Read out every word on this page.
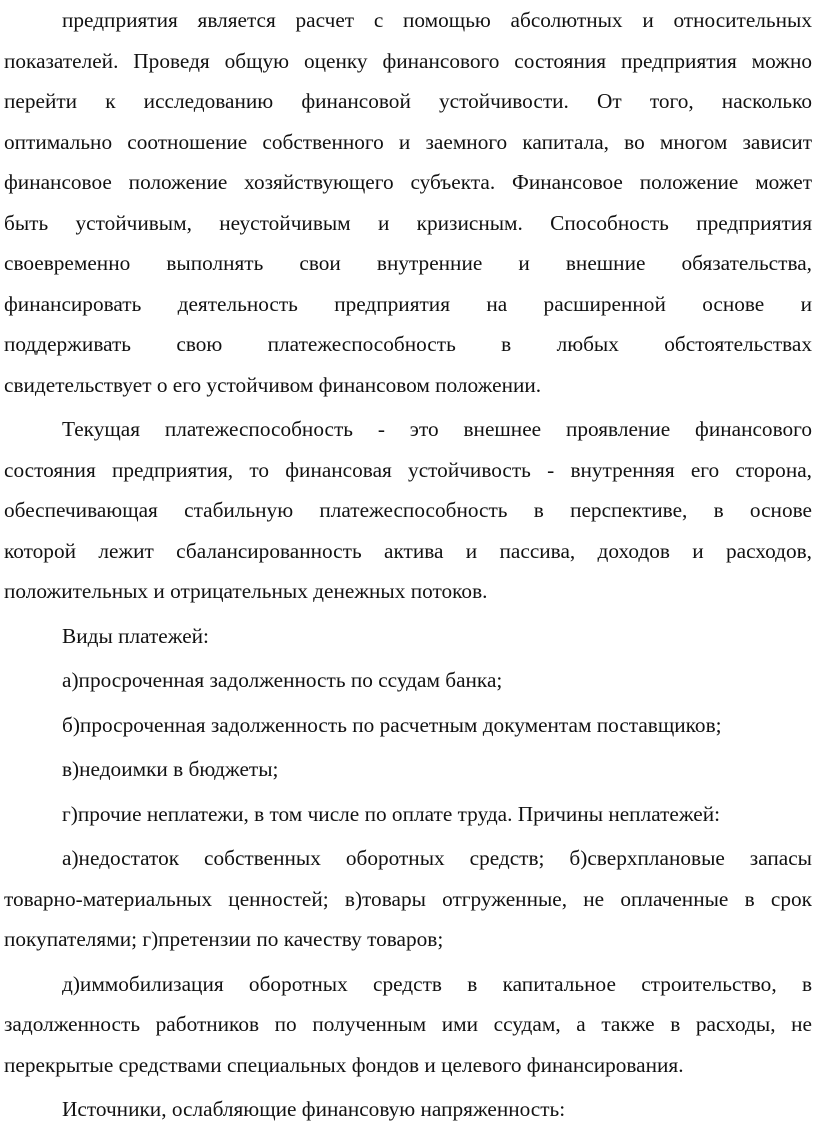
предприятия является расчет с помощью абсолютных и относительных
показателей. Проведя общую оценку финансового состояния предприятия можно
перейти к исследованию финансовой устойчивости. От того, насколько
оптимально соотношение собственного и заемного капитала, во многом зависит
финансовое положение хозяйствующего субъекта. Финансовое положение может
быть устойчивым, неустойчивым и кризисным. Способность предприятия
своевременно выполнять свои внутренние и внешние обязательства,
финансировать деятельность предприятия на расширенной основе и
поддерживать свою платежеспособность в любых обстоятельствах
свидетельствует о его устойчивом финансовом положении.
Текущая платежеспособность - это внешнее проявление финансового
состояния предприятия, то финансовая устойчивость - внутренняя его сторона,
обеспечивающая стабильную платежеспособность в перспективе, в основе
которой лежит сбалансированность актива и пассива, доходов и расходов,
положительных и отрицательных денежных потоков.
Виды платежей:
а)просроченная задолженность по ссудам банка;
б)просроченная задолженность по расчетным документам поставщиков;
в)недоимки в бюджеты;
г)прочие неплатежи, в том числе по оплате труда. Причины неплатежей:
а)недостаток собственных оборотных средств; б)сверхплановые запасы
товарно-материальных ценностей; в)товары отгруженные, не оплаченные в срок
покупателями; г)претензии по качеству товаров;
д)иммобилизация оборотных средств в капитальное строительство, в
задолженность работников по полученным ими ссудам, а также в расходы, не
перекрытые средствами специальных фондов и целевого финансирования.
Источники, ослабляющие финансовую напряженность:
